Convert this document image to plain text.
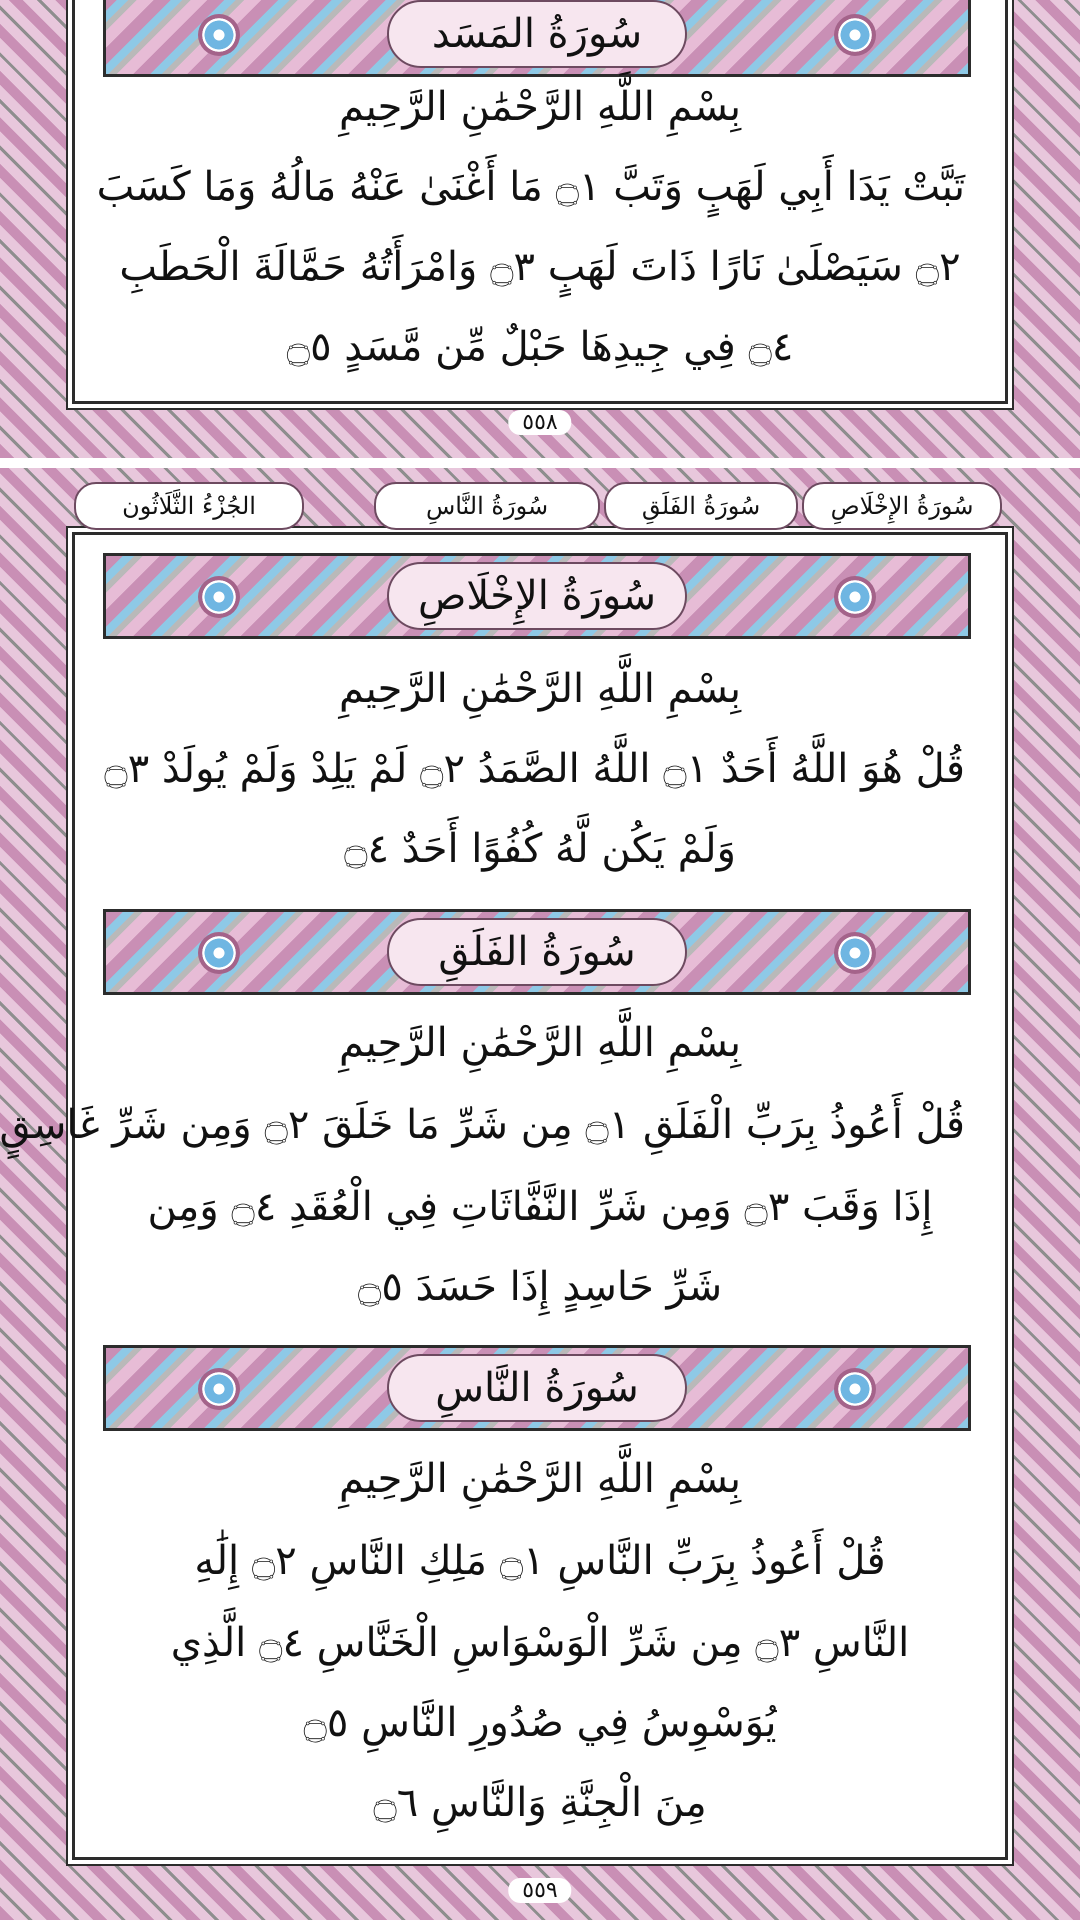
سُورَةُ المَسَد
بِسْمِ اللَّهِ الرَّحْمَٰنِ الرَّحِيمِ
تَبَّتْ يَدَا أَبِي لَهَبٍ وَتَبَّ ۝١ مَا أَغْنَىٰ عَنْهُ مَالُهُ وَمَا كَسَبَ
۝٢ سَيَصْلَىٰ نَارًا ذَاتَ لَهَبٍ ۝٣ وَامْرَأَتُهُ حَمَّالَةَ الْحَطَبِ
۝٤ فِي جِيدِهَا حَبْلٌ مِّن مَّسَدٍ ۝٥
٥٥٨
سُورَةُ الإِخْلَاصِ
بِسْمِ اللَّهِ الرَّحْمَٰنِ الرَّحِيمِ
قُلْ هُوَ اللَّهُ أَحَدٌ ۝١ اللَّهُ الصَّمَدُ ۝٢ لَمْ يَلِدْ وَلَمْ يُولَدْ ۝٣
وَلَمْ يَكُن لَّهُ كُفُوًا أَحَدٌ ۝٤
سُورَةُ الفَلَقِ
بِسْمِ اللَّهِ الرَّحْمَٰنِ الرَّحِيمِ
قُلْ أَعُوذُ بِرَبِّ الْفَلَقِ ۝١ مِن شَرِّ مَا خَلَقَ ۝٢ وَمِن شَرِّ غَاسِقٍ
إِذَا وَقَبَ ۝٣ وَمِن شَرِّ النَّفَّاثَاتِ فِي الْعُقَدِ ۝٤ وَمِن
شَرِّ حَاسِدٍ إِذَا حَسَدَ ۝٥
سُورَةُ النَّاسِ
بِسْمِ اللَّهِ الرَّحْمَٰنِ الرَّحِيمِ
قُلْ أَعُوذُ بِرَبِّ النَّاسِ ۝١ مَلِكِ النَّاسِ ۝٢ إِلَٰهِ
النَّاسِ ۝٣ مِن شَرِّ الْوَسْوَاسِ الْخَنَّاسِ ۝٤ الَّذِي
يُوَسْوِسُ فِي صُدُورِ النَّاسِ ۝٥
مِنَ الْجِنَّةِ وَالنَّاسِ ۝٦
٥٥٩
الجُزْءُ الثَّلَاثُون	سُورَةُ النَّاسِ	سُورَةُ الفَلَقِ	سُورَةُ الإِخْلَاصِ
